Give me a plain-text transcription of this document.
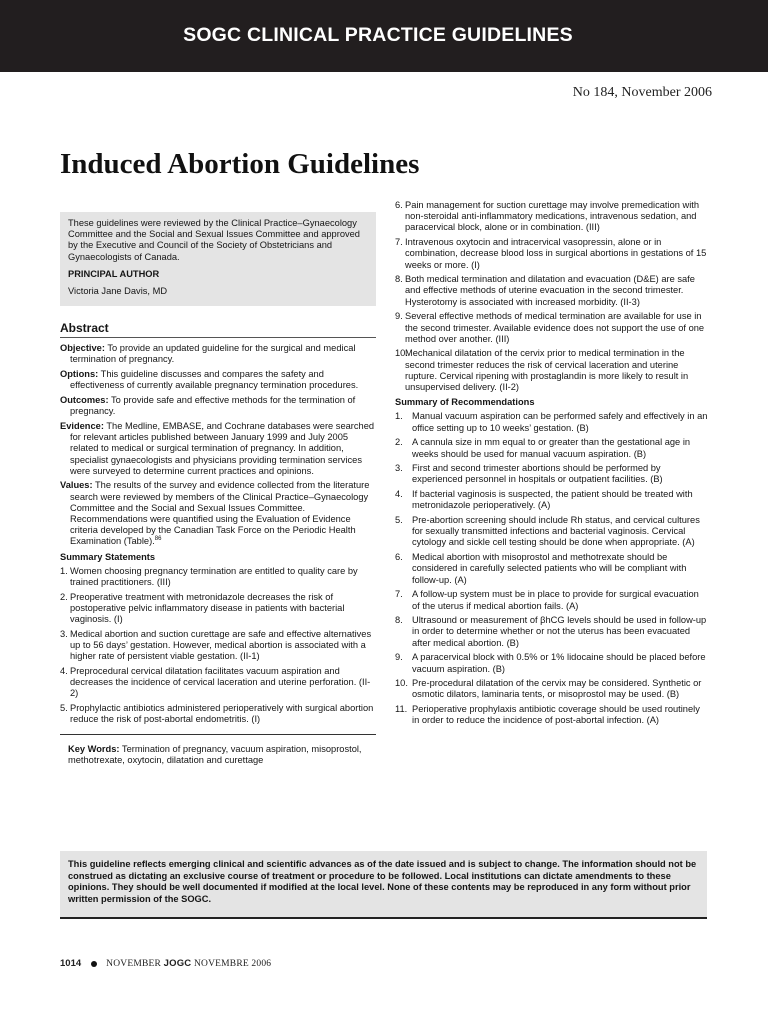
SOGC CLINICAL PRACTICE GUIDELINES
No 184, November 2006
Induced Abortion Guidelines

These guidelines were reviewed by the Clinical Practice–Gynaecology Committee and the Social and Sexual Issues Committee and approved by the Executive and Council of the Society of Obstetricians and Gynaecologists of Canada.

PRINCIPAL AUTHOR

Victoria Jane Davis, MD

Abstract

Objective: To provide an updated guideline for the surgical and medical termination of pregnancy.

Options: This guideline discusses and compares the safety and effectiveness of currently available pregnancy termination procedures.

Outcomes: To provide safe and effective methods for the termination of pregnancy.

Evidence: The Medline, EMBASE, and Cochrane databases were searched for relevant articles published between January 1999 and July 2005 related to medical or surgical termination of pregnancy. In addition, specialist gynaecologists and physicians providing termination services were surveyed to determine current practices and opinions.

Values: The results of the survey and evidence collected from the literature search were reviewed by members of the Clinical Practice–Gynaecology Committee and the Social and Sexual Issues Committee. Recommendations were quantified using the Evaluation of Evidence criteria developed by the Canadian Task Force on the Periodic Health Examination (Table).$^{86}$

Summary Statements
1. Women choosing pregnancy termination are entitled to quality care by trained practitioners. (III)
2. Preoperative treatment with metronidazole decreases the risk of postoperative pelvic inflammatory disease in patients with bacterial vaginosis. (I)
3. Medical abortion and suction curettage are safe and effective alternatives up to 56 days’ gestation. However, medical abortion is associated with a higher rate of persistent viable gestation. (II-1)
4. Preprocedural cervical dilatation facilitates vacuum aspiration and decreases the incidence of cervical laceration and uterine perforation. (II-2)
5. Prophylactic antibiotics administered perioperatively with surgical abortion reduce the risk of post-abortal endometritis. (I)
Key Words: Termination of pregnancy, vacuum aspiration, misoprostol, methotrexate, oxytocin, dilatation and curettage
6. Pain management for suction curettage may involve premedication with non-steroidal anti-inflammatory medications, intravenous sedation, and paracervical block, alone or in combination. (III)
7. Intravenous oxytocin and intracervical vasopressin, alone or in combination, decrease blood loss in surgical abortions in gestations of 15 weeks or more. (I)
8. Both medical termination and dilatation and evacuation (D&E) are safe and effective methods of uterine evacuation in the second trimester. Hysterotomy is associated with increased morbidity. (II-3)
9. Several effective methods of medical termination are available for use in the second trimester. Available evidence does not support the use of one method over another. (III)
10.
Mechanical dilatation of the cervix prior to medical termination in the second trimester reduces the risk of cervical laceration and uterine rupture. Cervical ripening with prostaglandin is more likely to result in unsupervised delivery. (II-2)
Summary of Recommendations
1. Manual vacuum aspiration can be performed safely and effectively in an office setting up to 10 weeks’ gestation. (B)
2. A cannula size in mm equal to or greater than the gestational age in weeks should be used for manual vacuum aspiration. (B)
3. First and second trimester abortions should be performed by experienced personnel in hospitals or outpatient facilities. (B)
4. If bacterial vaginosis is suspected, the patient should be treated with metronidazole perioperatively. (A)
5. Pre-abortion screening should include Rh status, and cervical cultures for sexually transmitted infections and bacterial vaginosis. Cervical cytology and sickle cell testing should be done when appropriate. (A)
6. Medical abortion with misoprostol and methotrexate should be considered in carefully selected patients who will be compliant with follow-up. (A)
7. A follow-up system must be in place to provide for surgical evacuation of the uterus if medical abortion fails. (A)
8. Ultrasound or measurement of βhCG levels should be used in follow-up in order to determine whether or not the uterus has been evacuated after medical abortion. (B)
9. A paracervical block with 0.5% or 1% lidocaine should be placed before vacuum aspiration. (B)
10. Pre-procedural dilatation of the cervix may be considered. Synthetic or osmotic dilators, laminaria tents, or misoprostol may be used. (B)
11. Perioperative prophylaxis antibiotic coverage should be used routinely in order to reduce the incidence of post-abortal infection. (A)
This guideline reflects emerging clinical and scientific advances as of the date issued and is subject to change. The information should not be construed as dictating an exclusive course of treatment or procedure to be followed. Local institutions can dictate amendments to these opinions. They should be well documented if modified at the local level. None of these contents may be reproduced in any form without prior written permission of the SOGC.
1014	NOVEMBER JOGC NOVEMBRE 2006
